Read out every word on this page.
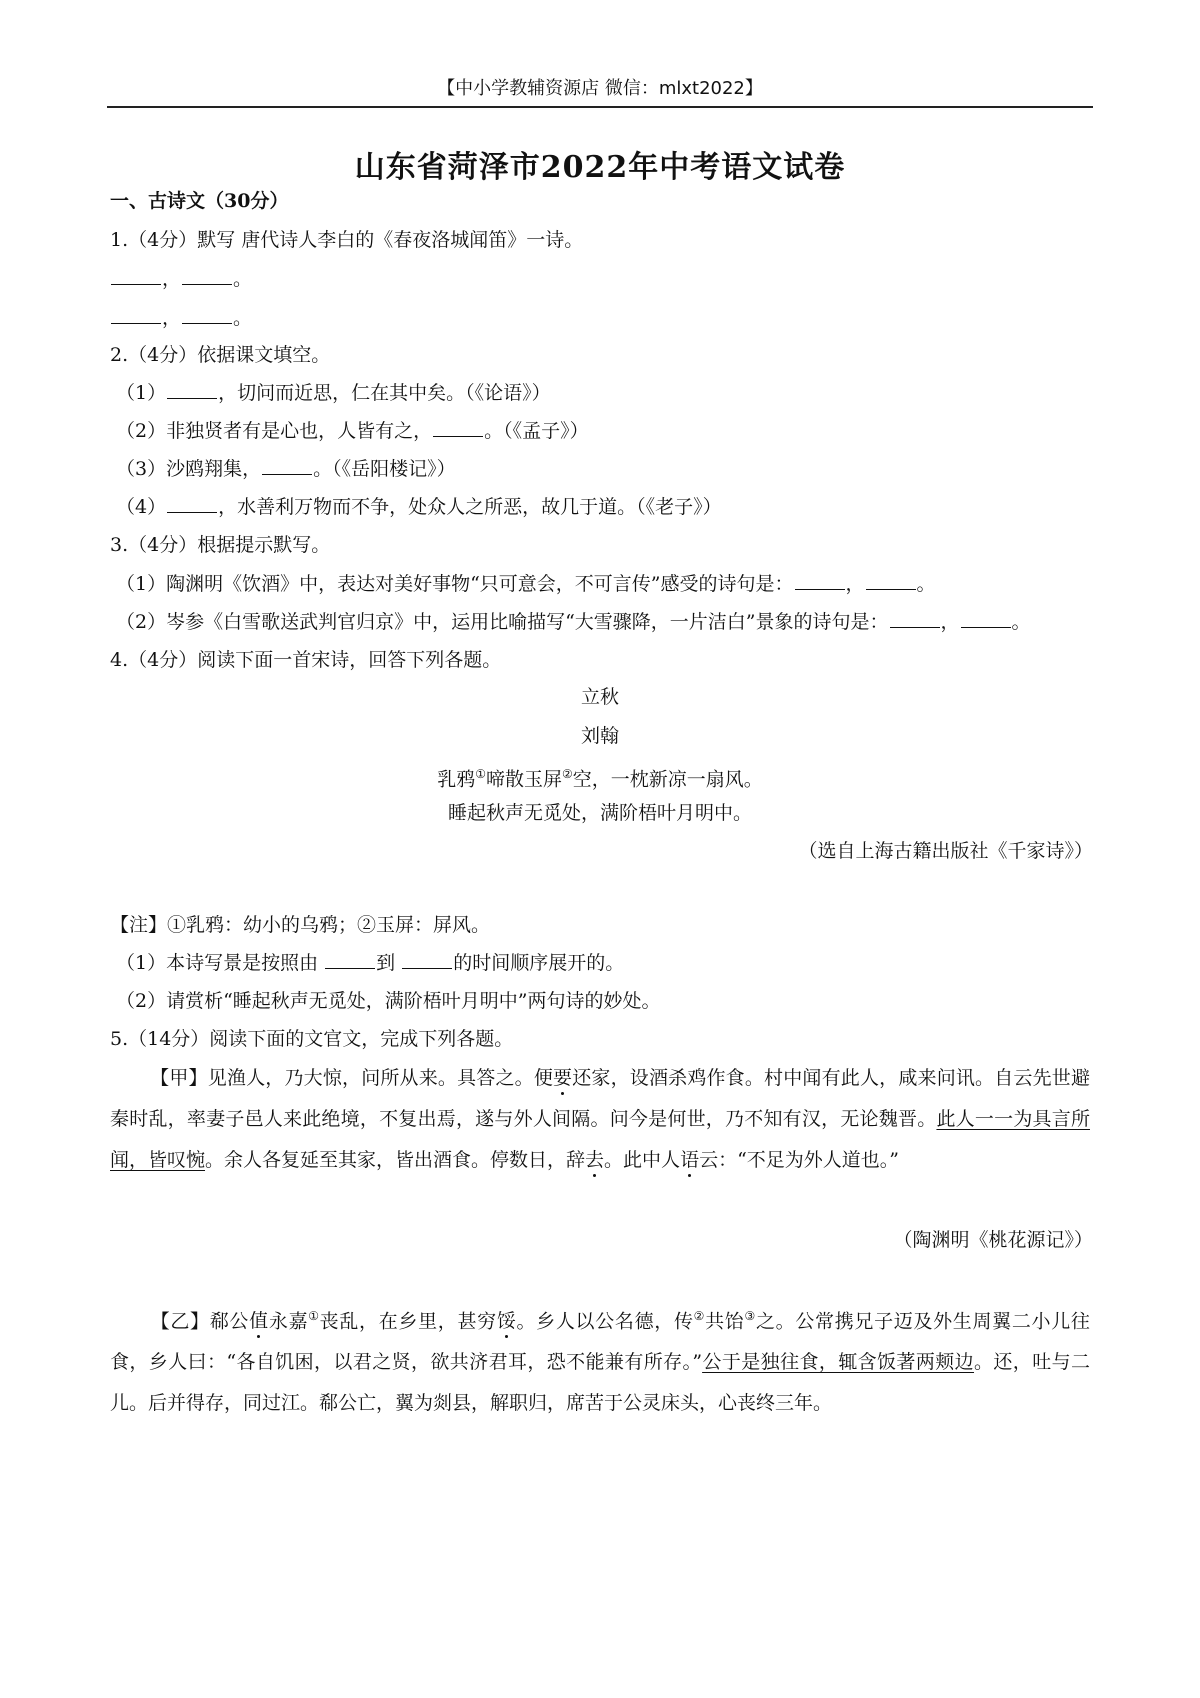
【中小学教辅资源店 微信：mlxt2022】
山东省菏泽市2022年中考语文试卷
一、古诗文（30分）
1.（4分）默写 唐代诗人李白的《春夜洛城闻笛》一诗。
，	。
，	。
2.（4分）依据课文填空。
（1）	，切问而近思，仁在其中矣。（《论语》）
（2）非独贤者有是心也，人皆有之，	。（《孟子》）
（3）沙鸥翔集，	。（《岳阳楼记》）
（4）	，水善利万物而不争，处众人之所恶，故几于道。（《老子》）
3.（4分）根据提示默写。
（1）陶渊明《饮酒》中，表达对美好事物“只可意会，不可言传”感受的诗句是：	，	。
（2）岑参《白雪歌送武判官归京》中，运用比喻描写“大雪骤降，一片洁白”景象的诗句是：	，	。
4.（4分）阅读下面一首宋诗，回答下列各题。
立秋
刘翰
乳鸦①啼散玉屏②空，一枕新凉一扇风。
睡起秋声无觅处，满阶梧叶月明中。
（选自上海古籍出版社《千家诗》）
【注】①乳鸦：幼小的乌鸦；②玉屏：屏风。
（1）本诗写景是按照由	到	的时间顺序展开的。
（2）请赏析“睡起秋声无觅处，满阶梧叶月明中”两句诗的妙处。
5.（14分）阅读下面的文官文，完成下列各题。
【甲】见渔人，乃大惊，问所从来。具答之。便要还家，设酒杀鸡作食。村中闻有此人，咸来问讯。自云先世避秦时乱，率妻子邑人来此绝境，不复出焉，遂与外人间隔。问今是何世，乃不知有汉，无论魏晋。此人一一为具言所闻，皆叹惋。余人各复延至其家，皆出酒食。停数日，辞去。此中人语云：“不足为外人道也。”
（陶渊明《桃花源记》）
【乙】郗公值永嘉①丧乱，在乡里，甚穷馁。乡人以公名德，传②共饴③之。公常携兄子迈及外生周翼二小儿往食，乡人曰：“各自饥困，以君之贤，欲共济君耳，恐不能兼有所存。”公于是独往食，辄含饭著两颊边。还，吐与二儿。后并得存，同过江。郗公亡，翼为剡县，解职归，席苦于公灵床头，心丧终三年。
